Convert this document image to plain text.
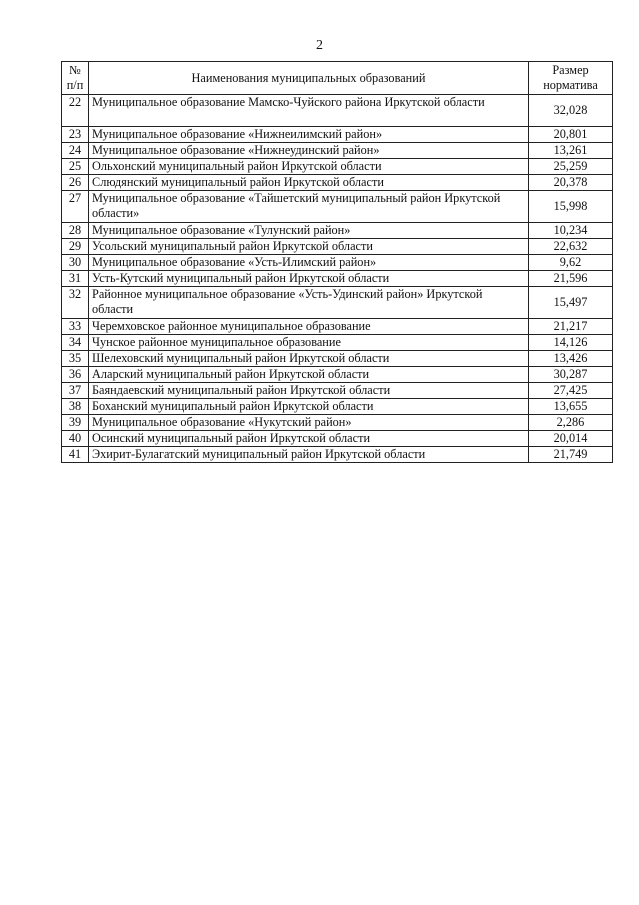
2
№
п/п	Наименования муниципальных образований	Размер
норматива
22	Муниципальное образование Мамско-Чуйского района Иркутской области	32,028
23	Муниципальное образование «Нижнеилимский район»	20,801
24	Муниципальное образование «Нижнеудинский район»	13,261
25	Ольхонский муниципальный район Иркутской области	25,259
26	Слюдянский муниципальный район Иркутской области	20,378
27	Муниципальное образование «Тайшетский муниципальный район Иркутской области»	15,998
28	Муниципальное образование «Тулунский район»	10,234
29	Усольский муниципальный район Иркутской области	22,632
30	Муниципальное образование «Усть-Илимский район»	9,62
31	Усть-Кутский муниципальный район Иркутской области	21,596
32	Районное муниципальное образование «Усть-Удинский район» Иркутской области	15,497
33	Черемховское районное муниципальное образование	21,217
34	Чунское районное муниципальное образование	14,126
35	Шелеховский муниципальный район Иркутской области	13,426
36	Аларский муниципальный район Иркутской области	30,287
37	Баяндаевский муниципальный район Иркутской области	27,425
38	Боханский муниципальный район Иркутской области	13,655
39	Муниципальное образование «Нукутский район»	2,286
40	Осинский муниципальный район Иркутской области	20,014
41	Эхирит-Булагатский муниципальный район Иркутской области	21,749
